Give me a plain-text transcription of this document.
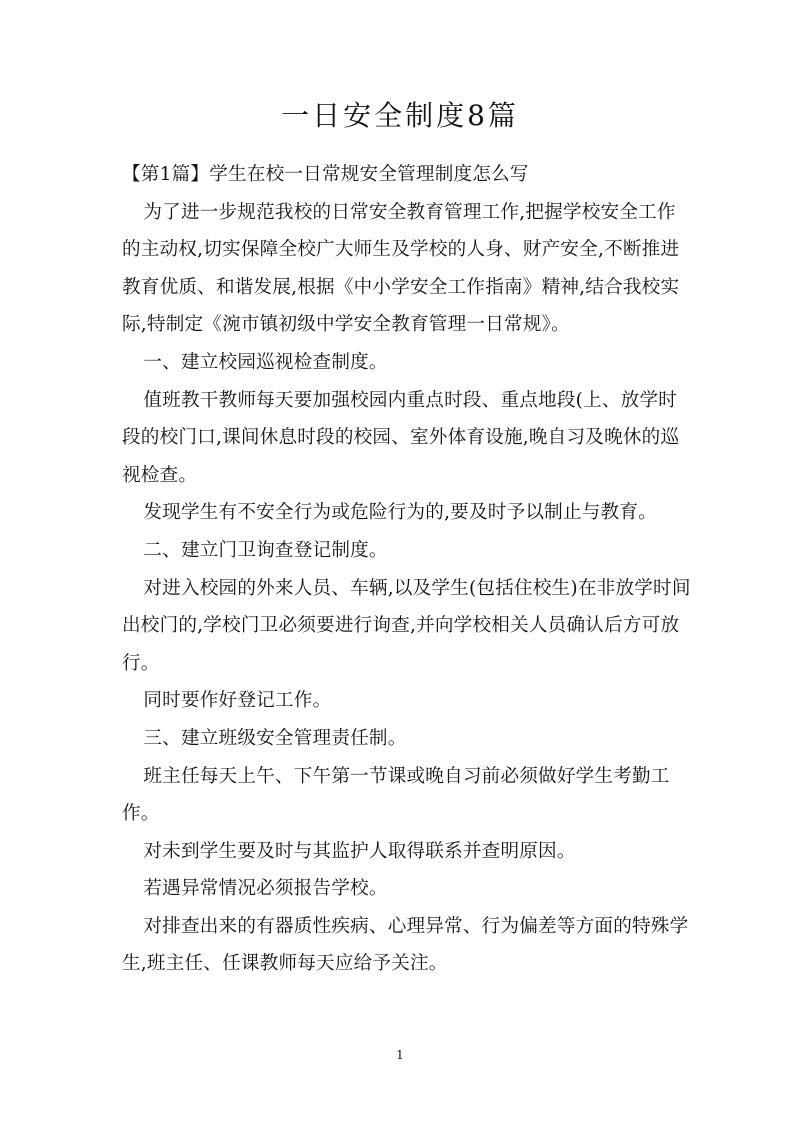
一日安全制度8篇

【第1篇】学生在校一日常规安全管理制度怎么写

为了进一步规范我校的日常安全教育管理工作,把握学校安全工作的主动权,切实保障全校广大师生及学校的人身、财产安全,不断推进教育优质、和谐发展,根据《中小学安全工作指南》精神,结合我校实际,特制定《涴市镇初级中学安全教育管理一日常规》。

一、建立校园巡视检查制度。

值班教干教师每天要加强校园内重点时段、重点地段(上、放学时段的校门口,课间休息时段的校园、室外体育设施,晚自习及晚休的巡视检查。

发现学生有不安全行为或危险行为的,要及时予以制止与教育。

二、建立门卫询查登记制度。

对进入校园的外来人员、车辆,以及学生(包括住校生)在非放学时间出校门的,学校门卫必须要进行询查,并向学校相关人员确认后方可放行。

同时要作好登记工作。

三、建立班级安全管理责任制。

班主任每天上午、下午第一节课或晚自习前必须做好学生考勤工作。

对未到学生要及时与其监护人取得联系并查明原因。

若遇异常情况必须报告学校。

对排查出来的有器质性疾病、心理异常、行为偏差等方面的特殊学生,班主任、任课教师每天应给予关注。

1
